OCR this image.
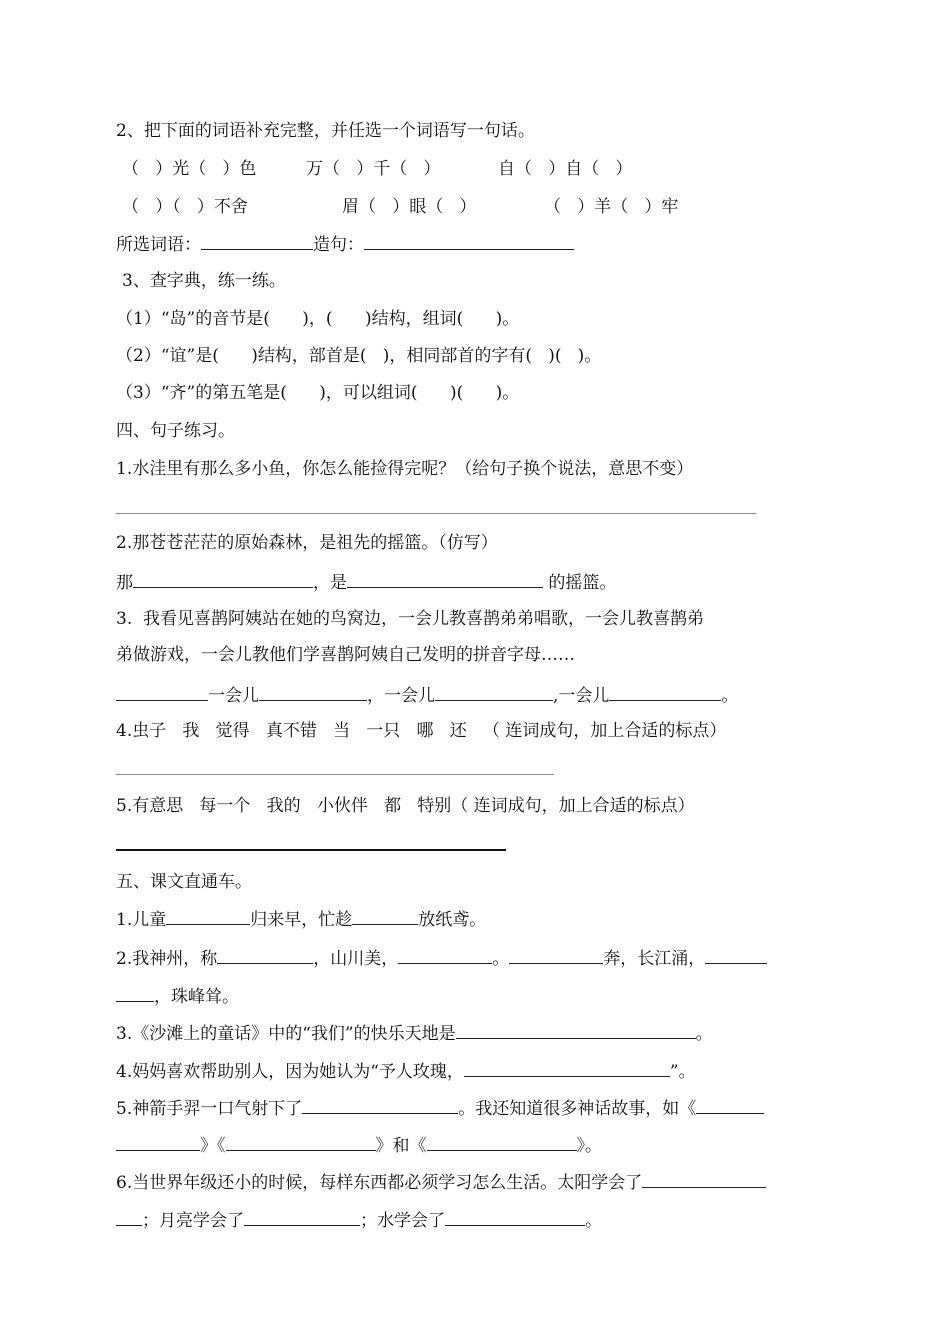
2、把下面的词语补充完整，并任选一个词语写一句话。
（   ）光（   ）色	万（   ）千（   ）	自（   ）自（   ）
（   ）（   ）不舍	眉（   ）眼（   ）	（   ）羊（   ）牢
所选词语：	造句：
3、查字典，练一练。
（1）“岛”的音节是(      )，(      )结构，组词(      )。
（2）“谊”是(      )结构，部首是(   )，相同部首的字有(   )(   )。
（3）“齐”的第五笔是(      )，可以组词(      )(      )。
四、句子练习。
1.水洼里有那么多小鱼，你怎么能捡得完呢？（给句子换个说法，意思不变）
2.那苍苍茫茫的原始森林，是祖先的摇篮。（仿写）
那	，是	的摇篮。
3.  我看见喜鹊阿姨站在她的鸟窝边，一会儿教喜鹊弟弟唱歌，一会儿教喜鹊弟
弟做游戏，一会儿教他们学喜鹊阿姨自己发明的拼音字母……
一会儿	，一会儿	,一会儿	。
4.虫子   我   觉得   真不错   当   一只   哪   还   （ 连词成句，加上合适的标点）
5.有意思   每一个   我的   小伙伴   都   特别（ 连词成句，加上合适的标点）
五、课文直通车。
1.儿童	归来早，忙趁	放纸鸢。
2.我神州，称	，山川美，	。	奔，长江涌，
，珠峰耸。
3.《沙滩上的童话》中的“我们”的快乐天地是	。
4.妈妈喜欢帮助别人，因为她认为“予人玫瑰，	”。
5.神箭手羿一口气射下了	。我还知道很多神话故事，如《
》《	》和《	》。
6.当世界年级还小的时候，每样东西都必须学习怎么生活。太阳学会了
；月亮学会了	；水学会了	。
